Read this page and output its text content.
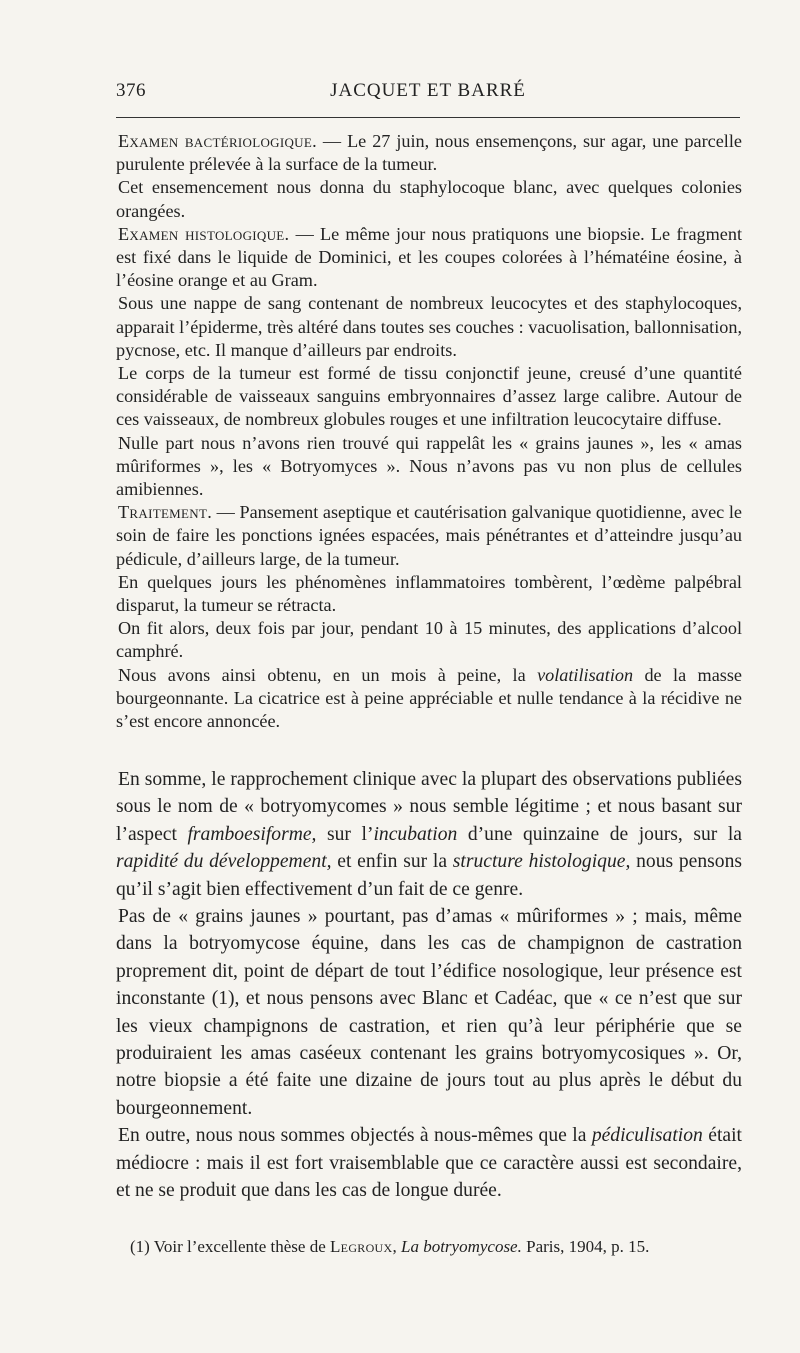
376	JACQUET ET BARRÉ

Examen bactériologique. — Le 27 juin, nous ensemençons, sur agar, une parcelle purulente prélevée à la surface de la tumeur.

Cet ensemencement nous donna du staphylocoque blanc, avec quelques colonies orangées.

Examen histologique. — Le même jour nous pratiquons une biopsie. Le fragment est fixé dans le liquide de Dominici, et les coupes colorées à l’hématéine éosine, à l’éosine orange et au Gram.

Sous une nappe de sang contenant de nombreux leucocytes et des staphylocoques, apparait l’épiderme, très altéré dans toutes ses couches : vacuolisation, ballonnisation, pycnose, etc. Il manque d’ailleurs par endroits.

Le corps de la tumeur est formé de tissu conjonctif jeune, creusé d’une quantité considérable de vaisseaux sanguins embryonnaires d’assez large calibre. Autour de ces vaisseaux, de nombreux globules rouges et une infiltration leucocytaire diffuse.

Nulle part nous n’avons rien trouvé qui rappelât les « grains jaunes », les « amas mûriformes », les « Botryomyces ». Nous n’avons pas vu non plus de cellules amibiennes.

Traitement. — Pansement aseptique et cautérisation galvanique quotidienne, avec le soin de faire les ponctions ignées espacées, mais pénétrantes et d’atteindre jusqu’au pédicule, d’ailleurs large, de la tumeur.

En quelques jours les phénomènes inflammatoires tombèrent, l’œdème palpébral disparut, la tumeur se rétracta.

On fit alors, deux fois par jour, pendant 10 à 15 minutes, des applications d’alcool camphré.

Nous avons ainsi obtenu, en un mois à peine, la volatilisation de la masse bourgeonnante. La cicatrice est à peine appréciable et nulle tendance à la récidive ne s’est encore annoncée.

En somme, le rapprochement clinique avec la plupart des observations publiées sous le nom de « botryomycomes » nous semble légitime ; et nous basant sur l’aspect framboesiforme, sur l’incubation d’une quinzaine de jours, sur la rapidité du développement, et enfin sur la structure histologique, nous pensons qu’il s’agit bien effectivement d’un fait de ce genre.

Pas de « grains jaunes » pourtant, pas d’amas « mûriformes » ; mais, même dans la botryomycose équine, dans les cas de champignon de castration proprement dit, point de départ de tout l’édifice nosologique, leur présence est inconstante (1), et nous pensons avec Blanc et Cadéac, que « ce n’est que sur les vieux champignons de castration, et rien qu’à leur périphérie que se produiraient les amas caséeux contenant les grains botryomycosiques ». Or, notre biopsie a été faite une dizaine de jours tout au plus après le début du bourgeonnement.

En outre, nous nous sommes objectés à nous-mêmes que la pédiculisation était médiocre : mais il est fort vraisemblable que ce caractère aussi est secondaire, et ne se produit que dans les cas de longue durée.

(1) Voir l’excellente thèse de Legroux, La botryomycose. Paris, 1904, p. 15.
